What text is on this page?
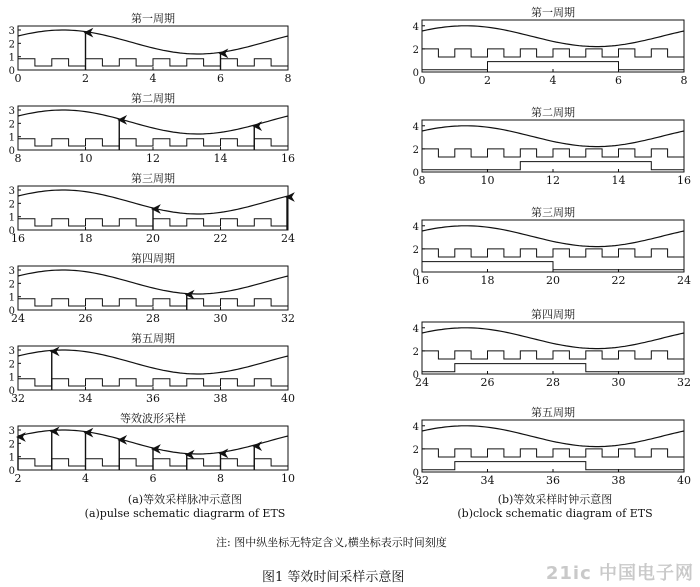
0	2	4	6	8
0
1
2
3
8	10	12	14	16
0
1
2
3
16	18	20	22	24
0
1
2
3
24	26	28	30	32
0
1
2
3
32	34	36	38	40
0
1
2
3
2	4	6	8	10
0
1
2
3
0	2	4	6	8
0
2
4
8	10	12	14	16
0
2
4
16	18	20	22	24
0
2
4
24	26	28	30	32
0
2
4
32	34	36	38	40
0
2
4
第一周期
第二周期
第三周期
第四周期
第五周期
等效波形采样
第一周期
第二周期
第三周期
第四周期
第五周期
(a)等效采样脉冲示意图
(a)pulse schematic diagrarm of ETS
(b)等效采样时钟示意图
(b)clock schematic diagram of ETS
注: 图中纵坐标无特定含义,横坐标表示时间刻度
图1 等效时间采样示意图	21ic 中国电子网
